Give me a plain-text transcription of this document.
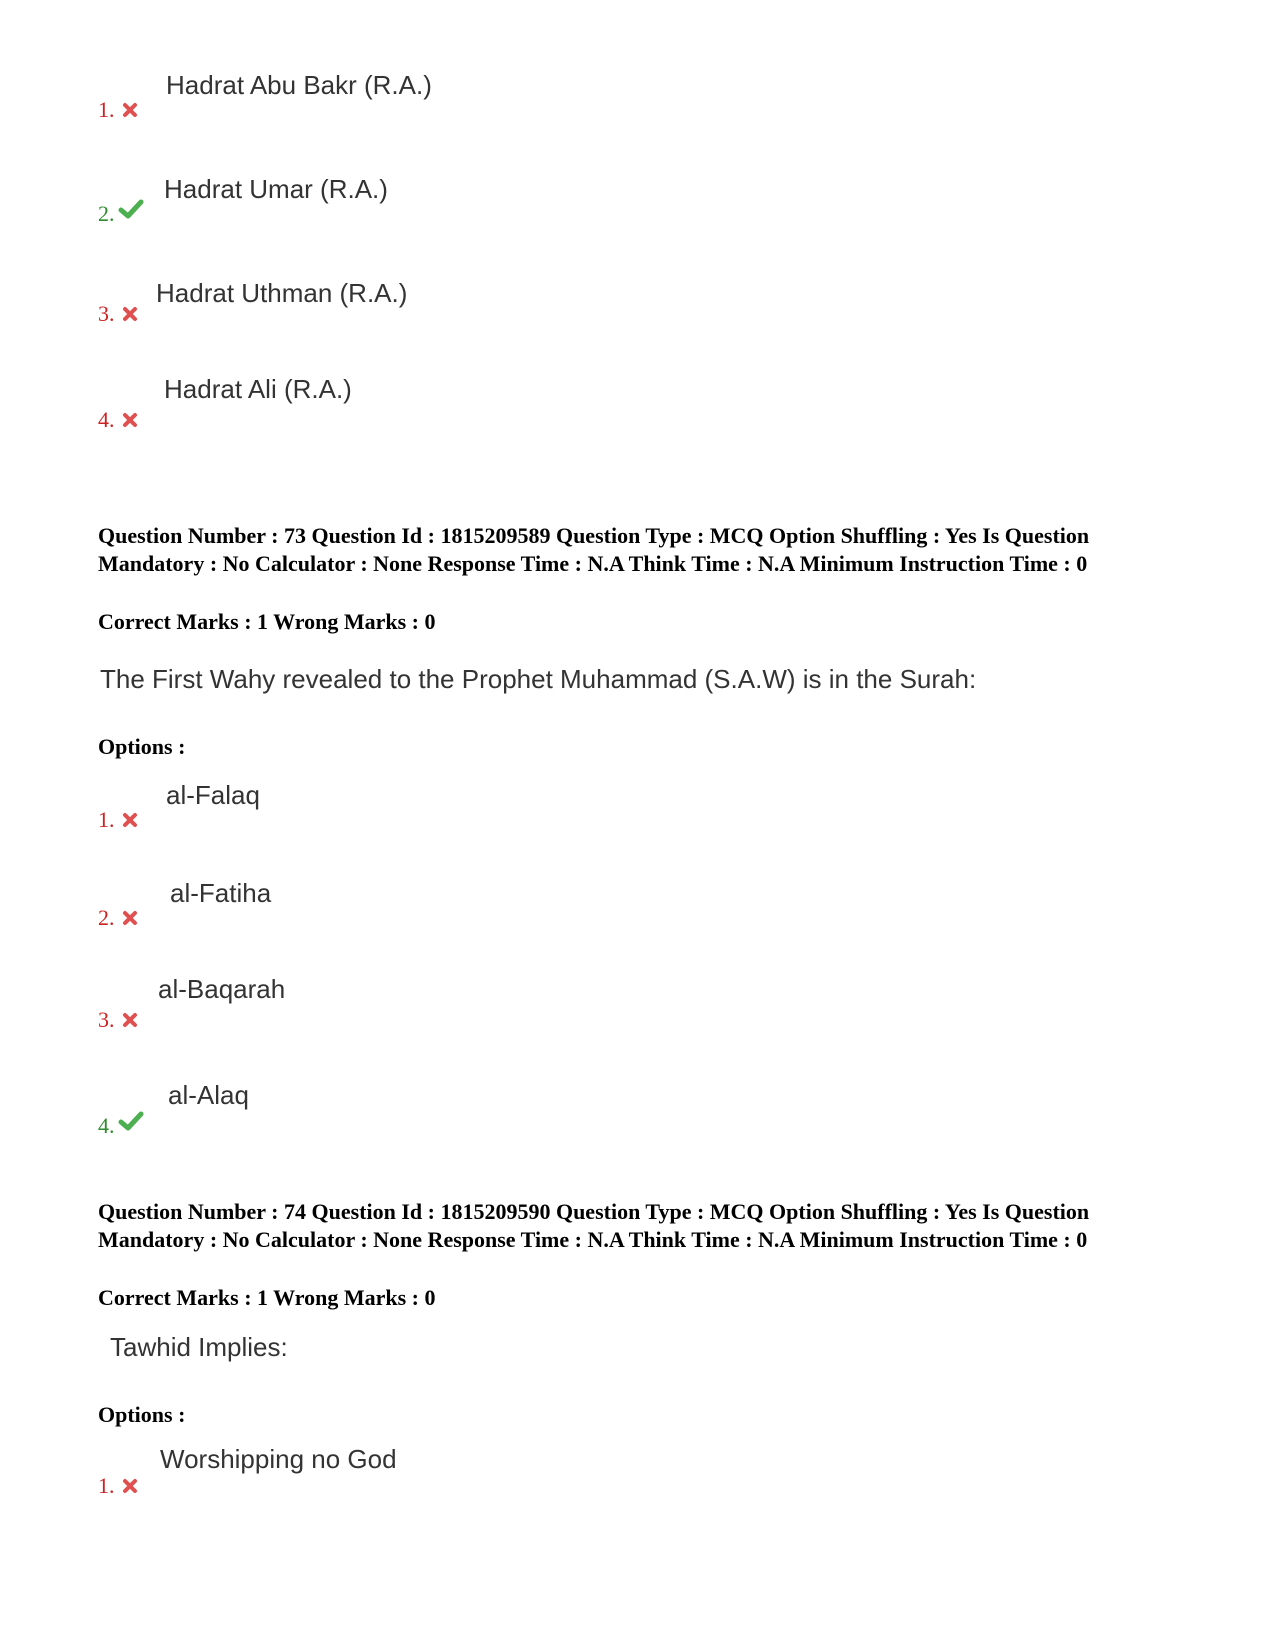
1.
Hadrat Abu Bakr (R.A.)
2.
Hadrat Umar (R.A.)
3.
Hadrat Uthman (R.A.)
4.
Hadrat Ali (R.A.)

Question Number : 73 Question Id : 1815209589 Question Type : MCQ Option Shuffling : Yes Is Question Mandatory : No Calculator : None Response Time : N.A Think Time : N.A Minimum Instruction Time : 0

Correct Marks : 1 Wrong Marks : 0

The First Wahy revealed to the Prophet Muhammad (S.A.W) is in the Surah:
Options :
1.
al-Falaq
2.
al-Fatiha
3.
al-Baqarah
4.
al-Alaq

Question Number : 74 Question Id : 1815209590 Question Type : MCQ Option Shuffling : Yes Is Question Mandatory : No Calculator : None Response Time : N.A Think Time : N.A Minimum Instruction Time : 0

Correct Marks : 1 Wrong Marks : 0

Tawhid Implies:
Options :
1.
Worshipping no God
